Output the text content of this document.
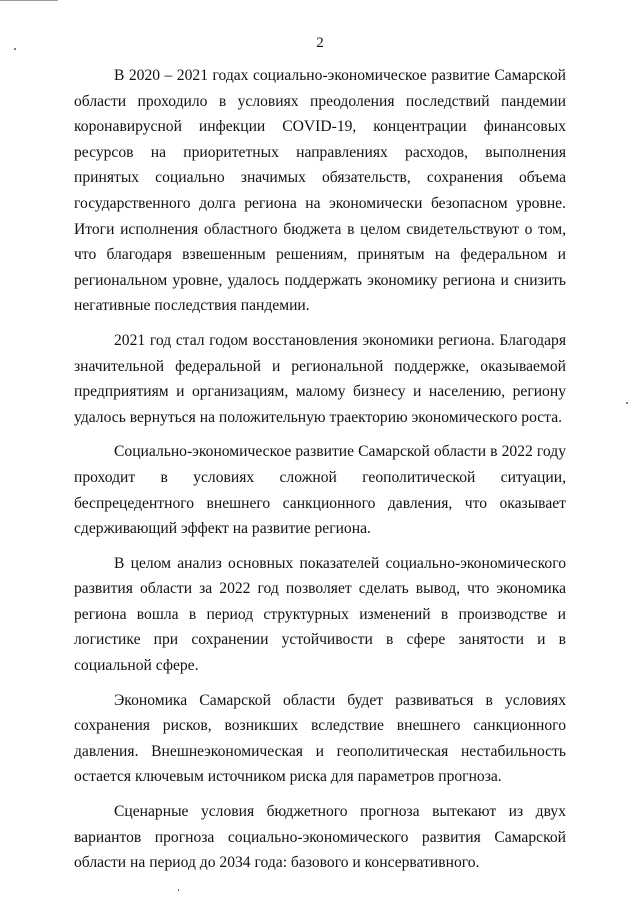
2

В 2020 – 2021 годах социально-экономическое развитие Самарской области проходило в условиях преодоления последствий пандемии коронавирусной инфекции COVID-19, концентрации финансовых ресурсов на приоритетных направлениях расходов, выполнения принятых социально значимых обязательств, сохранения объема государственного долга региона на экономически безопасном уровне. Итоги исполнения областного бюджета в целом свидетельствуют о том, что благодаря взвешенным решениям, принятым на федеральном и региональном уровне, удалось поддержать экономику региона и снизить негативные последствия пандемии.

2021 год стал годом восстановления экономики региона. Благодаря значительной федеральной и региональной поддержке, оказываемой предприятиям и организациям, малому бизнесу и населению, региону удалось вернуться на положительную траекторию экономического роста.

Социально-экономическое развитие Самарской области в 2022 году проходит в условиях сложной геополитической ситуации, беспрецедентного внешнего санкционного давления, что оказывает сдерживающий эффект на развитие региона.

В целом анализ основных показателей социально-экономического развития области за 2022 год позволяет сделать вывод, что экономика региона вошла в период структурных изменений в производстве и логистике при сохранении устойчивости в сфере занятости и в социальной сфере.

Экономика Самарской области будет развиваться в условиях сохранения рисков, возникших вследствие внешнего санкционного давления. Внешнеэкономическая и геополитическая нестабильность остается ключевым источником риска для параметров прогноза.

Сценарные условия бюджетного прогноза вытекают из двух вариантов прогноза социально-экономического развития Самарской области на период до 2034 года: базового и консервативного.
